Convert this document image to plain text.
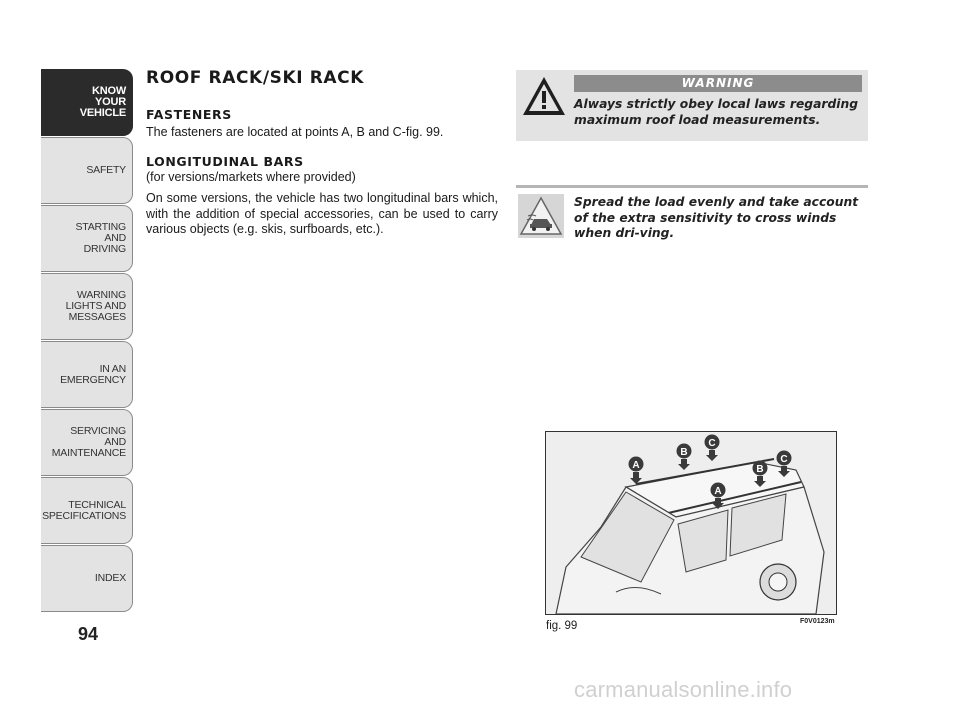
KNOW
YOUR
VEHICLE
SAFETY
STARTING
AND
DRIVING
WARNING
LIGHTS AND
MESSAGES
IN AN
EMERGENCY
SERVICING
AND
MAINTENANCE
TECHNICAL
SPECIFICATIONS
INDEX
94
ROOF RACK/SKI RACK
FASTENERS

The fasteners are located at points A, B and C-fig. 99.

LONGITUDINAL BARS

(for versions/markets where provided)

On some versions, the vehicle has two longitudinal bars which, with the addition of special accessories, can be used to carry various objects (e.g. skis, surfboards, etc.).

WARNING
Always strictly obey local laws regarding maximum roof load measurements.
Spread the load evenly and take account of the extra sensitivity to cross winds when dri-ving.
A
B
C
A
B
C
fig. 99	F0V0123m
carmanualsonline.info
